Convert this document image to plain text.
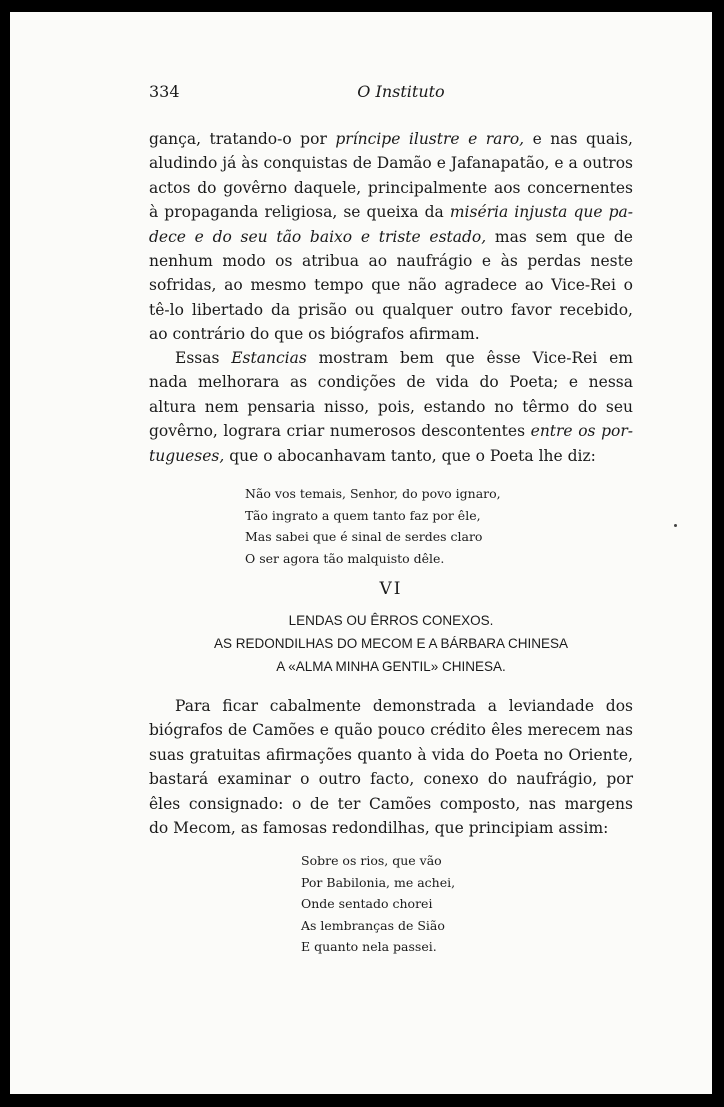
334	O Instituto
gança, tratando-o por príncipe ilustre e raro, e nas quais,
aludindo já às conquistas de Damão e Jafanapatão, e a outros
actos do govêrno daquele, principalmente aos concernentes
à propaganda religiosa, se queixa da miséria injusta que pa-
dece e do seu tão baixo e triste estado, mas sem que de
nenhum modo os atribua ao naufrágio e às perdas neste
sofridas, ao mesmo tempo que não agradece ao Vice-Rei o
tê-lo libertado da prisão ou qualquer outro favor recebido,
ao contrário do que os biógrafos afirmam.
Essas Estancias mostram bem que êsse Vice-Rei em
nada melhorara as condições de vida do Poeta; e nessa
altura nem pensaria nisso, pois, estando no têrmo do seu
govêrno, lograra criar numerosos descontentes entre os por-
tugueses, que o abocanhavam tanto, que o Poeta lhe diz:
Não vos temais, Senhor, do povo ignaro,
Tão ingrato a quem tanto faz por êle,
Mas sabei que é sinal de serdes claro
O ser agora tão malquisto dêle.
VI
LENDAS OU ÊRROS CONEXOS.
AS REDONDILHAS DO MECOM E A BÁRBARA CHINESA
A «ALMA MINHA GENTIL» CHINESA.
Para ficar cabalmente demonstrada a leviandade dos
biógrafos de Camões e quão pouco crédito êles merecem nas
suas gratuitas afirmações quanto à vida do Poeta no Oriente,
bastará examinar o outro facto, conexo do naufrágio, por
êles consignado: o de ter Camões composto, nas margens
do Mecom, as famosas redondilhas, que principiam assim:
Sobre os rios, que vão
Por Babilonia, me achei,
Onde sentado chorei
As lembranças de Sião
E quanto nela passei.
